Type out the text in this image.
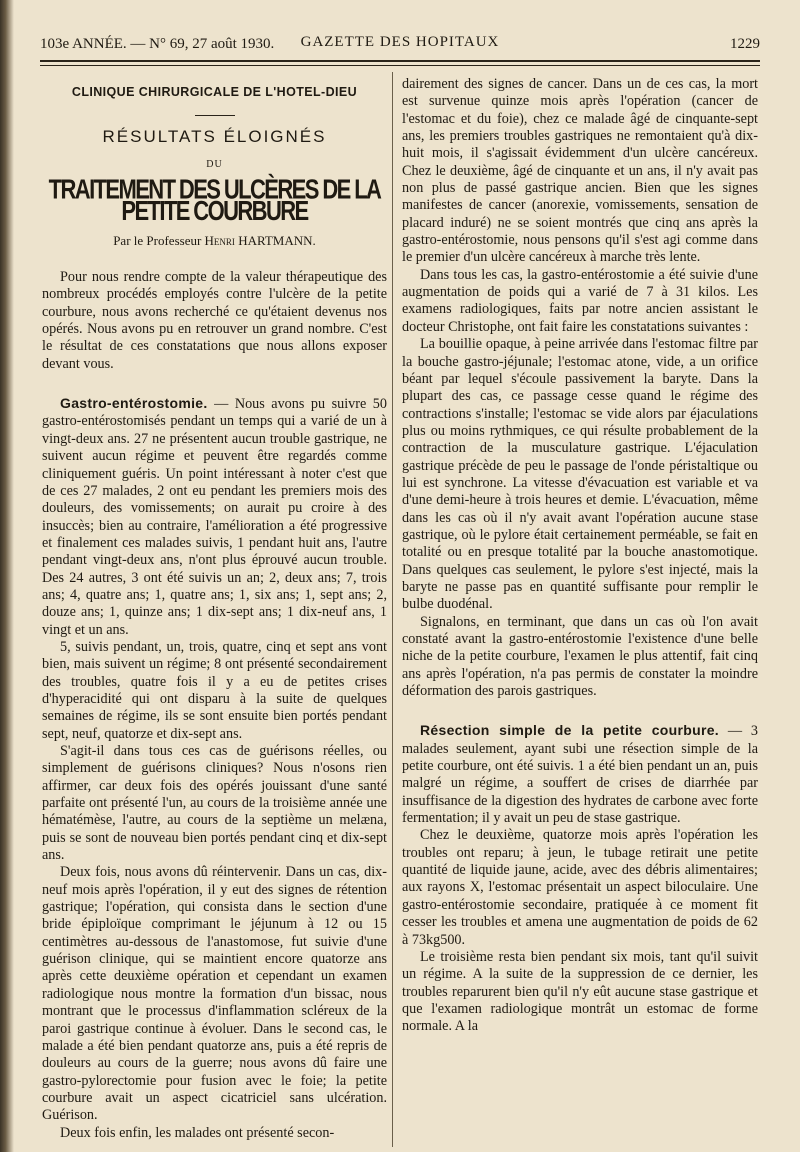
103e ANNÉE. — N° 69, 27 août 1930.	GAZETTE DES HOPITAUX	1229
CLINIQUE CHIRURGICALE DE L'HOTEL-DIEU
RÉSULTATS ÉLOIGNÉS
DU
TRAITEMENT DES ULCÈRES DE LA PETITE COURBURE
Par le Professeur Henri HARTMANN.

Pour nous rendre compte de la valeur thérapeutique des nombreux procédés employés contre l'ulcère de la petite courbure, nous avons recherché ce qu'étaient devenus nos opérés. Nous avons pu en retrouver un grand nombre. C'est le résultat de ces constatations que nous allons exposer devant vous.

Gastro-entérostomie. — Nous avons pu suivre 50 gastro-entérostomisés pendant un temps qui a varié de un à vingt-deux ans. 27 ne présentent aucun trouble gastrique, ne suivent aucun régime et peuvent être regardés comme cliniquement guéris. Un point intéressant à noter c'est que de ces 27 malades, 2 ont eu pendant les premiers mois des douleurs, des vomissements; on aurait pu croire à des insuccès; bien au contraire, l'amélioration a été progressive et finalement ces malades suivis, 1 pendant huit ans, l'autre pendant vingt-deux ans, n'ont plus éprouvé aucun trouble. Des 24 autres, 3 ont été suivis un an; 2, deux ans; 7, trois ans; 4, quatre ans; 1, quatre ans; 1, six ans; 1, sept ans; 2, douze ans; 1, quinze ans; 1 dix-sept ans; 1 dix-neuf ans, 1 vingt et un ans.

5, suivis pendant, un, trois, quatre, cinq et sept ans vont bien, mais suivent un régime; 8 ont présenté secondairement des troubles, quatre fois il y a eu de petites crises d'hyperacidité qui ont disparu à la suite de quelques semaines de régime, ils se sont ensuite bien portés pendant sept, neuf, quatorze et dix-sept ans.

S'agit-il dans tous ces cas de guérisons réelles, ou simplement de guérisons cliniques? Nous n'osons rien affirmer, car deux fois des opérés jouissant d'une santé parfaite ont présenté l'un, au cours de la troisième année une hématémèse, l'autre, au cours de la septième un melæna, puis se sont de nouveau bien portés pendant cinq et dix-sept ans.

Deux fois, nous avons dû réintervenir. Dans un cas, dix-neuf mois après l'opération, il y eut des signes de rétention gastrique; l'opération, qui consista dans le section d'une bride épiploïque comprimant le jéjunum à 12 ou 15 centimètres au-dessous de l'anastomose, fut suivie d'une guérison clinique, qui se maintient encore quatorze ans après cette deuxième opération et cependant un examen radiologique nous montre la formation d'un bissac, nous montrant que le processus d'inflammation scléreux de la paroi gastrique continue à évoluer. Dans le second cas, le malade a été bien pendant quatorze ans, puis a été repris de douleurs au cours de la guerre; nous avons dû faire une gastro-pylorectomie pour fusion avec le foie; la petite courbure avait un aspect cicatriciel sans ulcération. Guérison.

Deux fois enfin, les malades ont présenté secon-

dairement des signes de cancer. Dans un de ces cas, la mort est survenue quinze mois après l'opération (cancer de l'estomac et du foie), chez ce malade âgé de cinquante-sept ans, les premiers troubles gastriques ne remontaient qu'à dix-huit mois, il s'agissait évidemment d'un ulcère cancéreux. Chez le deuxième, âgé de cinquante et un ans, il n'y avait pas non plus de passé gastrique ancien. Bien que les signes manifestes de cancer (anorexie, vomissements, sensation de placard induré) ne se soient montrés que cinq ans après la gastro-entérostomie, nous pensons qu'il s'est agi comme dans le premier d'un ulcère cancéreux à marche très lente.

Dans tous les cas, la gastro-entérostomie a été suivie d'une augmentation de poids qui a varié de 7 à 31 kilos. Les examens radiologiques, faits par notre ancien assistant le docteur Christophe, ont fait faire les constatations suivantes :

La bouillie opaque, à peine arrivée dans l'estomac filtre par la bouche gastro-jéjunale; l'estomac atone, vide, a un orifice béant par lequel s'écoule passivement la baryte. Dans la plupart des cas, ce passage cesse quand le régime des contractions s'installe; l'estomac se vide alors par éjaculations plus ou moins rythmiques, ce qui résulte probablement de la contraction de la musculature gastrique. L'éjaculation gastrique précède de peu le passage de l'onde péristaltique ou lui est synchrone. La vitesse d'évacuation est variable et va d'une demi-heure à trois heures et demie. L'évacuation, même dans les cas où il n'y avait avant l'opération aucune stase gastrique, où le pylore était certainement perméable, se fait en totalité ou en presque totalité par la bouche anastomotique. Dans quelques cas seulement, le pylore s'est injecté, mais la baryte ne passe pas en quantité suffisante pour remplir le bulbe duodénal.

Signalons, en terminant, que dans un cas où l'on avait constaté avant la gastro-entérostomie l'existence d'une belle niche de la petite courbure, l'examen le plus attentif, fait cinq ans après l'opération, n'a pas permis de constater la moindre déformation des parois gastriques.

Résection simple de la petite courbure. — 3 malades seulement, ayant subi une résection simple de la petite courbure, ont été suivis. 1 a été bien pendant un an, puis malgré un régime, a souffert de crises de diarrhée par insuffisance de la digestion des hydrates de carbone avec forte fermentation; il y avait un peu de stase gastrique.

Chez le deuxième, quatorze mois après l'opération les troubles ont reparu; à jeun, le tubage retirait une petite quantité de liquide jaune, acide, avec des débris alimentaires; aux rayons X, l'estomac présentait un aspect biloculaire. Une gastro-entérostomie secondaire, pratiquée à ce moment fit cesser les troubles et amena une augmentation de poids de 62 à 73kg500.

Le troisième resta bien pendant six mois, tant qu'il suivit un régime. A la suite de la suppression de ce dernier, les troubles reparurent bien qu'il n'y eût aucune stase gastrique et que l'examen radiologique montrât un estomac de forme normale. A la
